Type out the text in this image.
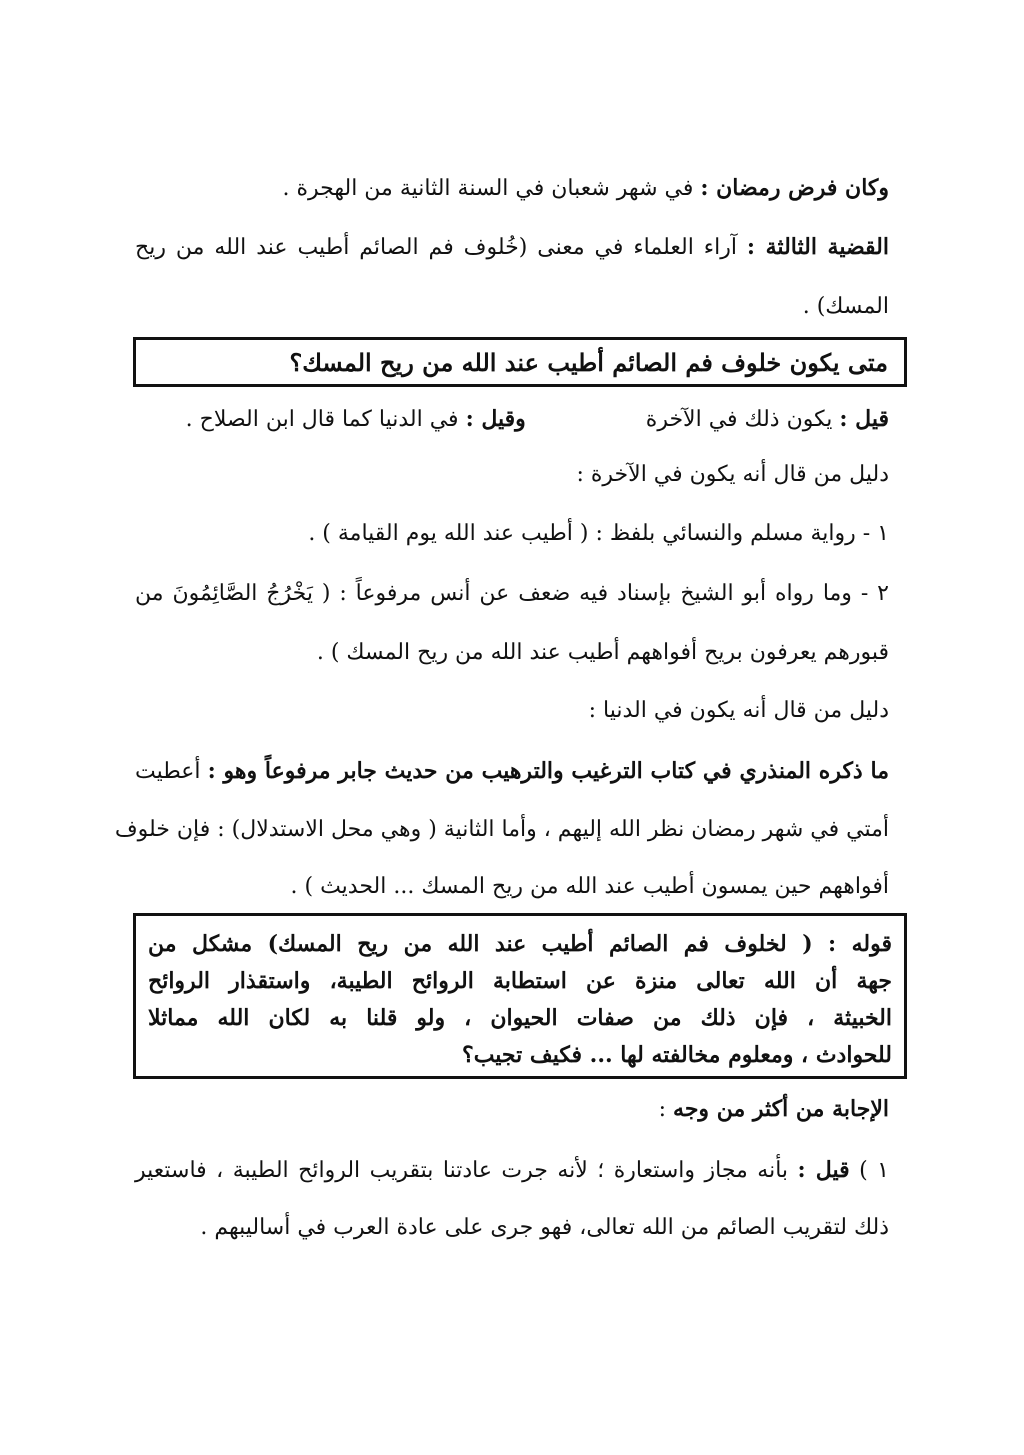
وكان فرض رمضان : في شهر شعبان في السنة الثانية من الهجرة .
القضية الثالثة : آراء العلماء في معنى (خُلوف فم الصائم أطيب عند الله من ريح
المسك) .
متى يكون خلوف فم الصائم أطيب عند الله من ريح المسك؟
قيل : يكون ذلك في الآخرةوقيل : في الدنيا كما قال ابن الصلاح .
دليل من قال أنه يكون في الآخرة :
١ - رواية مسلم والنسائي بلفظ : ( أطيب عند الله يوم القيامة ) .
٢ - وما رواه أبو الشيخ بإسناد فيه ضعف عن أنس مرفوعاً : ( يَخْرُجُ الصَّائِمُونَ من
قبورهم يعرفون بريح أفواههم أطيب عند الله من ريح المسك ) .
دليل من قال أنه يكون في الدنيا :
ما ذكره المنذري في كتاب الترغيب والترهيب من حديث جابر مرفوعاً وهو : أعطيت
أمتي في شهر رمضان نظر الله إليهم ، وأما الثانية ( وهي محل الاستدلال) : فإن خلوف
أفواههم حين يمسون أطيب عند الله من ريح المسك ... الحديث ) .
قوله : ( لخلوف فم الصائم أطيب عند الله من ريح المسك) مشكل من
جهة أن الله تعالى منزة عن استطابة الروائح الطيبة، واستقذار الروائح
الخبيثة ، فإن ذلك من صفات الحيوان ، ولو قلنا به لكان الله مماثلا
للحوادث ، ومعلوم مخالفته لها ... فكيف تجيب؟
الإجابة من أكثر من وجه :
١ ) قيل : بأنه مجاز واستعارة ؛ لأنه جرت عادتنا بتقريب الروائح الطيبة ، فاستعير
ذلك لتقريب الصائم من الله تعالى، فهو جرى على عادة العرب في أساليبهم .
